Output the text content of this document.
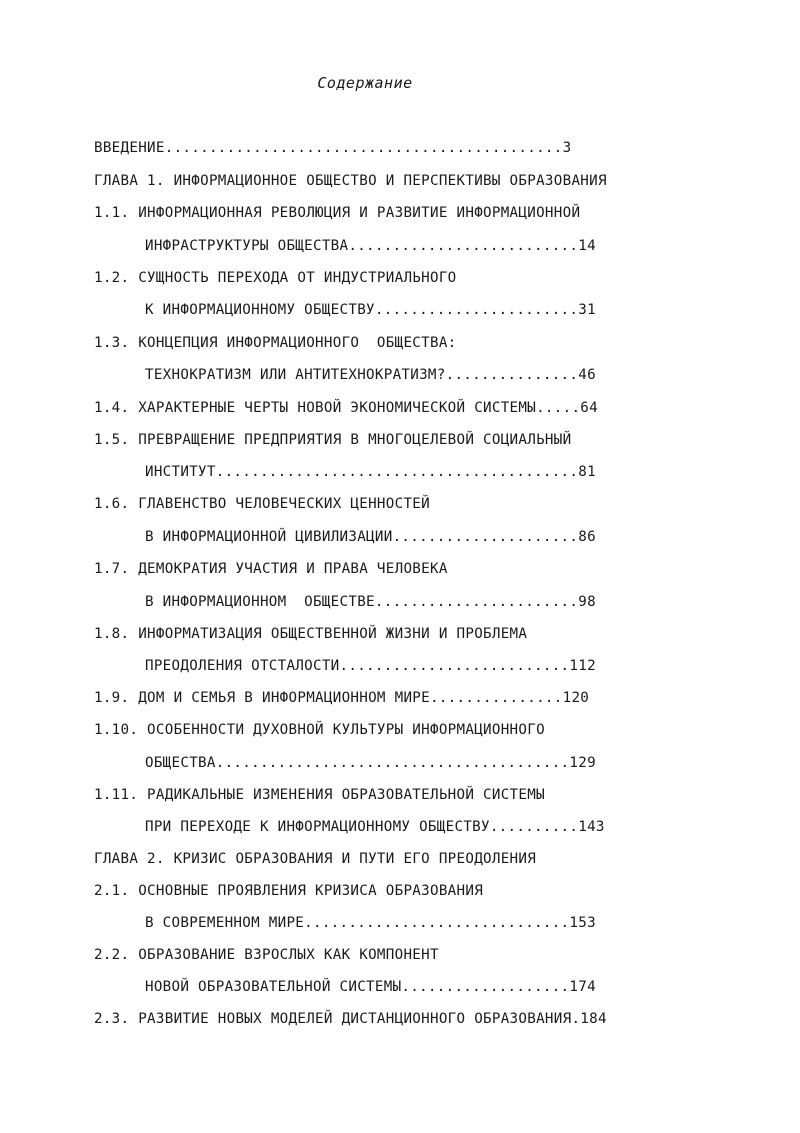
Содержание
ВВЕДЕНИЕ.............................................3
ГЛАВА 1. ИНФОРМАЦИОННОЕ ОБЩЕСТВО И ПЕРСПЕКТИВЫ ОБРАЗОВАНИЯ
1.1. ИНФОРМАЦИОННАЯ РЕВОЛЮЦИЯ И РАЗВИТИЕ ИНФОРМАЦИОННОЙ
ИНФРАСТРУКТУРЫ ОБЩЕСТВА..........................14
1.2. СУЩНОСТЬ ПЕРЕХОДА ОТ ИНДУСТРИАЛЬНОГО
К ИНФОРМАЦИОННОМУ ОБЩЕСТВУ.......................31
1.3. КОНЦЕПЦИЯ ИНФОРМАЦИОННОГО  ОБЩЕСТВА:
ТЕХНОКРАТИЗМ ИЛИ АНТИТЕХНОКРАТИЗМ?...............46
1.4. ХАРАКТЕРНЫЕ ЧЕРТЫ НОВОЙ ЭКОНОМИЧЕСКОЙ СИСТЕМЫ.....64
1.5. ПРЕВРАЩЕНИЕ ПРЕДПРИЯТИЯ В МНОГОЦЕЛЕВОЙ СОЦИАЛЬНЫЙ
ИНСТИТУТ.........................................81
1.6. ГЛАВЕНСТВО ЧЕЛОВЕЧЕСКИХ ЦЕННОСТЕЙ
В ИНФОРМАЦИОННОЙ ЦИВИЛИЗАЦИИ.....................86
1.7. ДЕМОКРАТИЯ УЧАСТИЯ И ПРАВА ЧЕЛОВЕКА
В ИНФОРМАЦИОННОМ  ОБЩЕСТВЕ.......................98
1.8. ИНФОРМАТИЗАЦИЯ ОБЩЕСТВЕННОЙ ЖИЗНИ И ПРОБЛЕМА
ПРЕОДОЛЕНИЯ ОТСТАЛОСТИ..........................112
1.9. ДОМ И СЕМЬЯ В ИНФОРМАЦИОННОМ МИРЕ...............120
1.10. ОСОБЕННОСТИ ДУХОВНОЙ КУЛЬТУРЫ ИНФОРМАЦИОННОГО
ОБЩЕСТВА........................................129
1.11. РАДИКАЛЬНЫЕ ИЗМЕНЕНИЯ ОБРАЗОВАТЕЛЬНОЙ СИСТЕМЫ
ПРИ ПЕРЕХОДЕ К ИНФОРМАЦИОННОМУ ОБЩЕСТВУ..........143
ГЛАВА 2. КРИЗИС ОБРАЗОВАНИЯ И ПУТИ ЕГО ПРЕОДОЛЕНИЯ
2.1. ОСНОВНЫЕ ПРОЯВЛЕНИЯ КРИЗИСА ОБРАЗОВАНИЯ
В СОВРЕМЕННОМ МИРЕ..............................153
2.2. ОБРАЗОВАНИЕ ВЗРОСЛЫХ КАК КОМПОНЕНТ
НОВОЙ ОБРАЗОВАТЕЛЬНОЙ СИСТЕМЫ...................174
2.3. РАЗВИТИЕ НОВЫХ МОДЕЛЕЙ ДИСТАНЦИОННОГО ОБРАЗОВАНИЯ.184
